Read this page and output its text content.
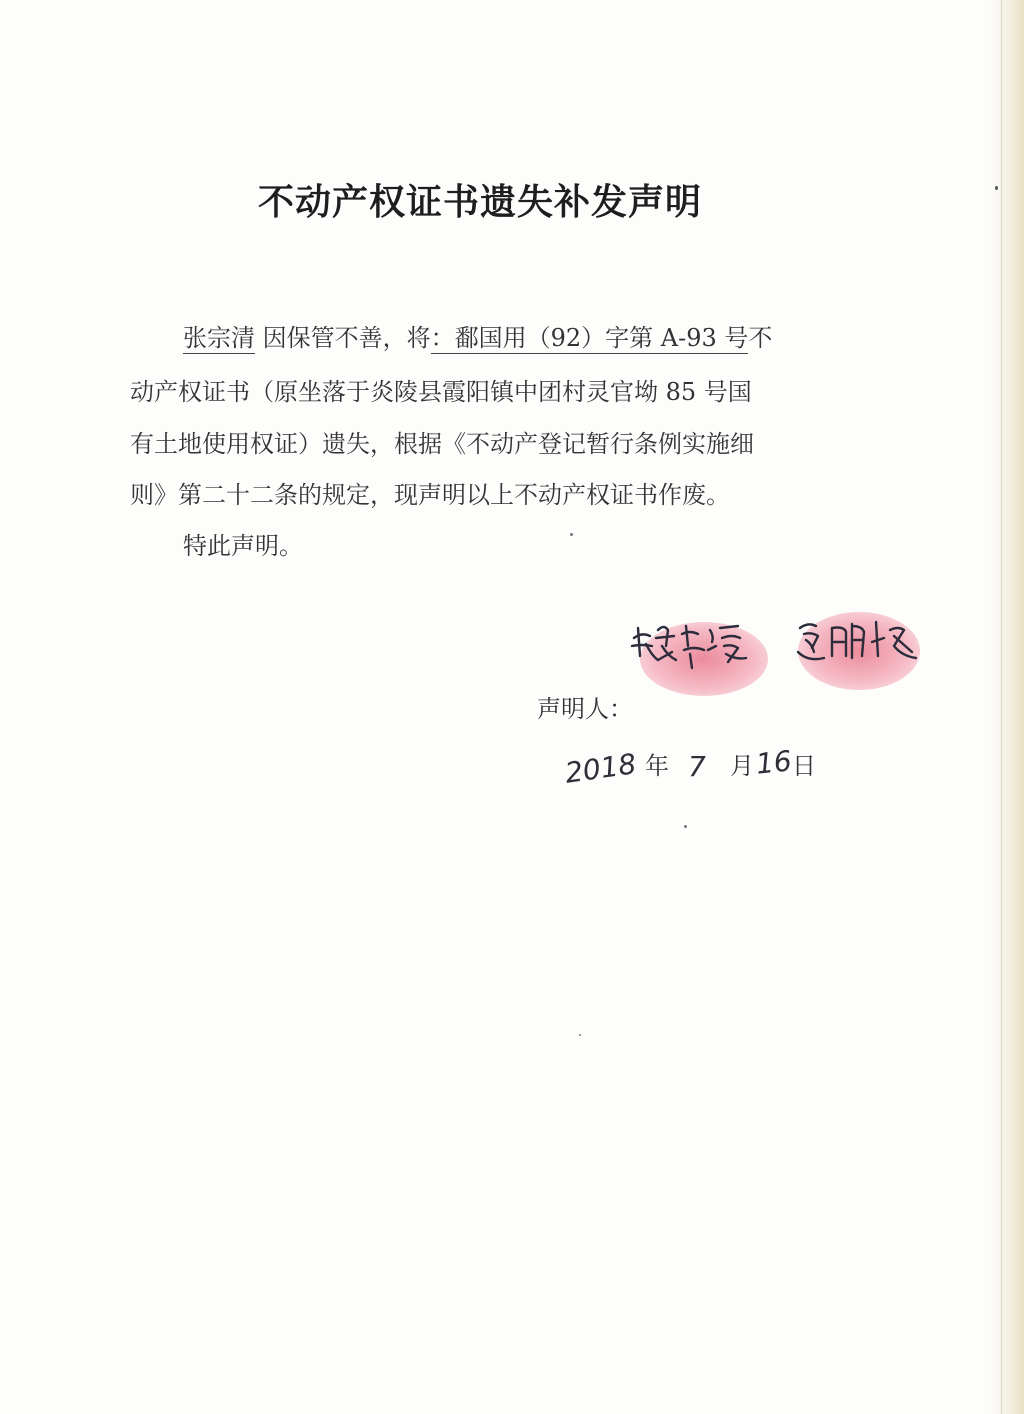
不动产权证书遗失补发声明
张宗清 因保管不善，将：鄱国用（92）字第 A-93 号不
动产权证书（原坐落于炎陵县霞阳镇中团村灵官坳 85 号国
有土地使用权证）遗失，根据《不动产登记暂行条例实施细
则》第二十二条的规定，现声明以上不动产权证书作废。
特此声明。
声明人：
2018 年 7 月 16
日
